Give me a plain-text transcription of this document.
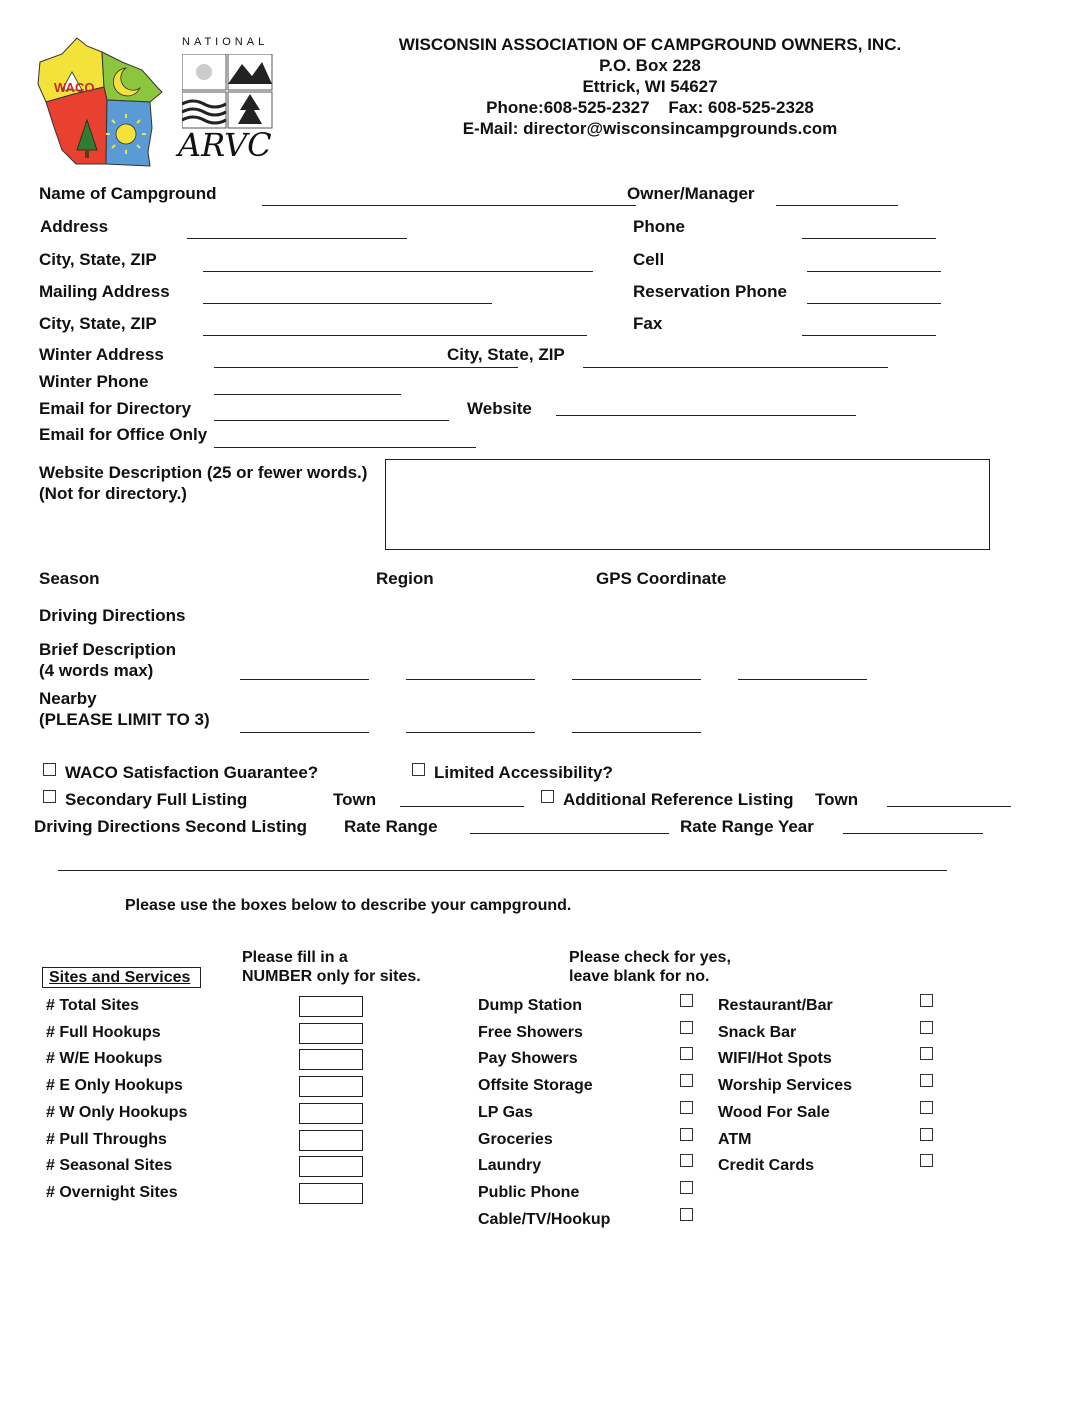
WACO
NATIONAL
ARVC
WISCONSIN ASSOCIATION OF CAMPGROUND OWNERS, INC.
P.O. Box 228
Ettrick, WI 54627
Phone:608-525-2327 Fax: 608-525-2328
E-Mail: director@wisconsincampgrounds.com
Name of Campground	Owner/Manager
Address	Phone
City, State, ZIP	Cell
Mailing Address	Reservation Phone
City, State, ZIP	Fax
Winter Address	City, State, ZIP
Winter Phone
Email for Directory	Website
Email for Office Only
Website Description (25 or fewer words.)
(Not for directory.)
Season	Region	GPS Coordinate
Driving Directions
Brief Description
(4 words max)
Nearby
(PLEASE LIMIT TO 3)
WACO Satisfaction Guarantee?	Limited Accessibility?
Secondary Full Listing	Town	Additional Reference Listing Town
Driving Directions Second Listing Rate Range	Rate Range Year
Please use the boxes below to describe your campground.
Sites and Services
Please fill in a
NUMBER only for sites.
Please check for yes,
leave blank for no.
# Total Sites
# Full Hookups
# W/E Hookups
# E Only Hookups
# W Only Hookups
# Pull Throughs
# Seasonal Sites
# Overnight Sites
Dump Station
Free Showers
Pay Showers
Offsite Storage
LP Gas
Groceries
Laundry
Public Phone
Cable/TV/Hookup
Restaurant/Bar
Snack Bar
WIFI/Hot Spots
Worship Services
Wood For Sale
ATM
Credit Cards
